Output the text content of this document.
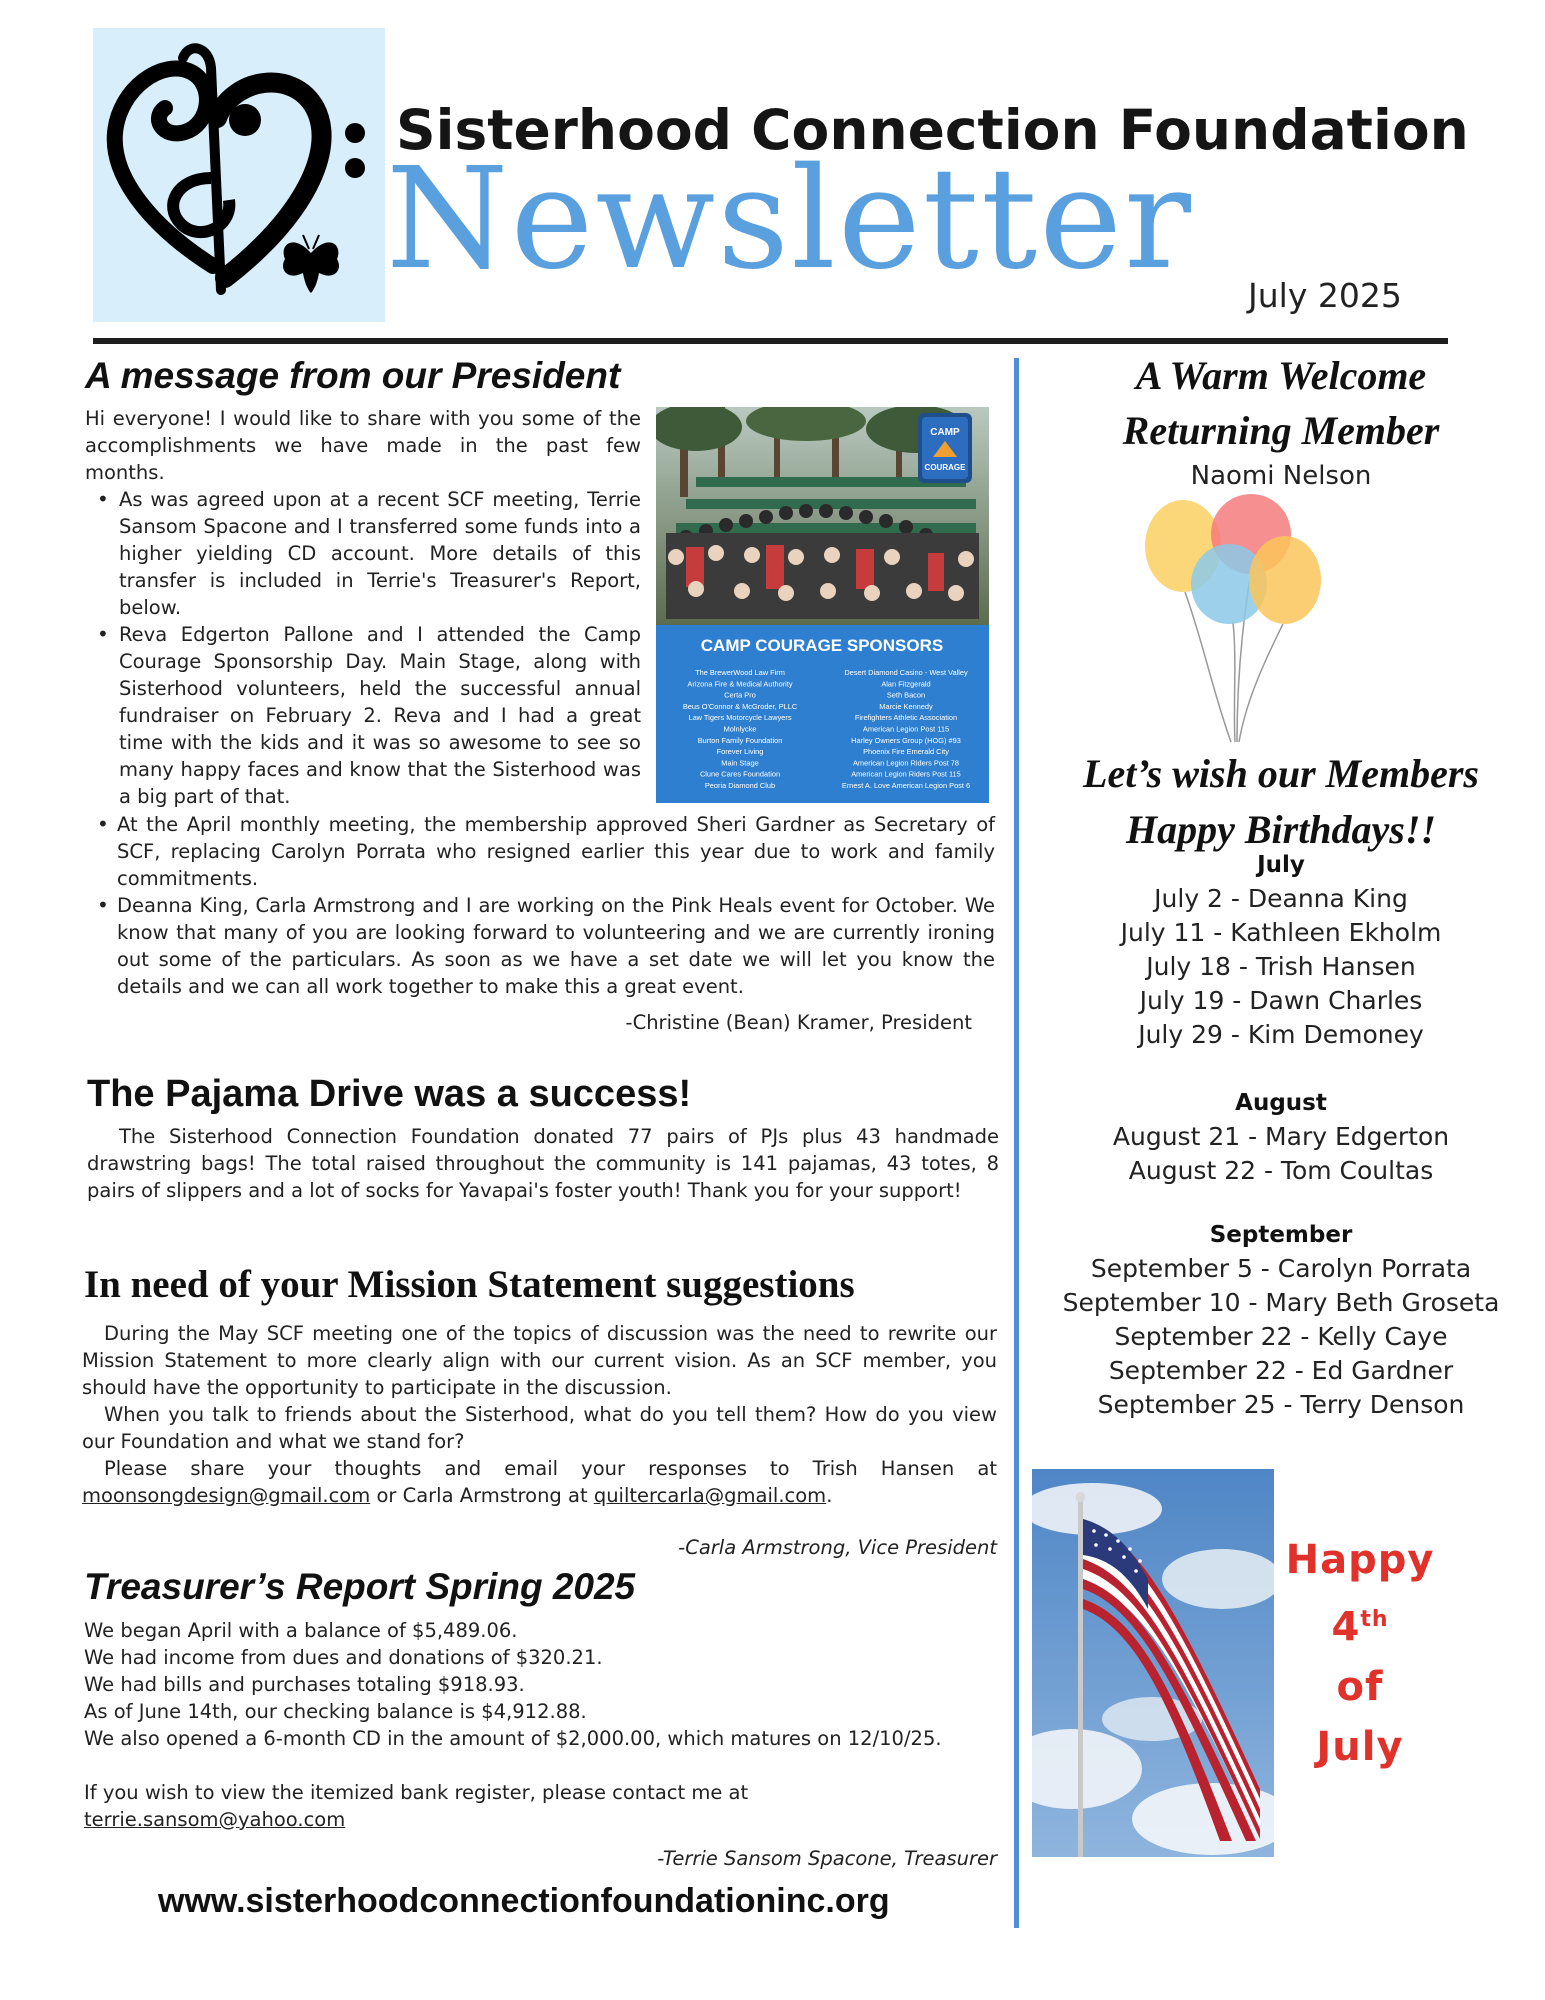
Sisterhood Connection Foundation
Newsletter July 2025
A message from our President

Hi everyone! I would like to share with you some of the accomplishments we have made in the past few months.

• As was agreed upon at a recent SCF meeting, Terrie Sansom Spacone and I transferred some funds into a higher yielding CD account. More details of this transfer is included in Terrie's Treasurer's Report, below.
• Reva Edgerton Pallone and I attended the Camp Courage Sponsorship Day. Main Stage, along with Sisterhood volunteers, held the successful annual fundraiser on February 2. Reva and I had a great time with the kids and it was so awesome to see so many happy faces and know that the Sisterhood was a big part of that.
CAMP
COURAGE
CAMP COURAGE SPONSORS
The BrewerWood Law Firm
Arizona Fire & Medical Authority
Certa Pro
Beus O'Connor & McGroder, PLLC
Law Tigers Motorcycle Lawyers
Molnlycke
Burton Family Foundation
Forever Living
Main Stage
Clune Cares Foundation
Peoria Diamond Club
Desert Diamond Casino - West Valley
Alan Fitzgerald
Seth Bacon
Marcie Kennedy
Firefighters Athletic Association
American Legion Post 115
Harley Owners Group (HOG) #93
Phoenix Fire Emerald City
American Legion Riders Post 78
American Legion Riders Post 115
Ernest A. Love American Legion Post 6
• At the April monthly meeting, the membership approved Sheri Gardner as Secretary of SCF, replacing Carolyn Porrata who resigned earlier this year due to work and family commitments.
• Deanna King, Carla Armstrong and I are working on the Pink Heals event for October. We know that many of you are looking forward to volunteering and we are currently ironing out some of the particulars. As soon as we have a set date we will let you know the details and we can all work together to make this a great event.
-Christine (Bean) Kramer, President
The Pajama Drive was a success!

The Sisterhood Connection Foundation donated 77 pairs of PJs plus 43 handmade drawstring bags! The total raised throughout the community is 141 pajamas, 43 totes, 8 pairs of slippers and a lot of socks for Yavapai's foster youth! Thank you for your support!

In need of your Mission Statement suggestions

During the May SCF meeting one of the topics of discussion was the need to rewrite our Mission Statement to more clearly align with our current vision. As an SCF member, you should have the opportunity to participate in the discussion.

When you talk to friends about the Sisterhood, what do you tell them? How do you view our Foundation and what we stand for?

Please share your thoughts and email your responses to Trish Hansen at moonsongdesign@gmail.com or Carla Armstrong at quiltercarla@gmail.com.

-Carla Armstrong, Vice President
Treasurer’s Report Spring 2025

We began April with a balance of $5,489.06.

We had income from dues and donations of $320.21.

We had bills and purchases totaling $918.93.

As of June 14th, our checking balance is $4,912.88.

We also opened a 6-month CD in the amount of $2,000.00, which matures on 12/10/25.

If you wish to view the itemized bank register, please contact me at

terrie.sansom@yahoo.com

-Terrie Sansom Spacone, Treasurer
www.sisterhoodconnectionfoundationinc.org
A Warm Welcome
Returning Member
Naomi Nelson
Let’s wish our Members
Happy Birthdays!!
July
July 2 - Deanna King
July 11 - Kathleen Ekholm
July 18 - Trish Hansen
July 19 - Dawn Charles
July 29 - Kim Demoney
August
August 21 - Mary Edgerton
August 22 - Tom Coultas
September
September 5 - Carolyn Porrata
September 10 - Mary Beth Groseta
September 22 - Kelly Caye
September 22 - Ed Gardner
September 25 - Terry Denson
Happy
4th
of
July
